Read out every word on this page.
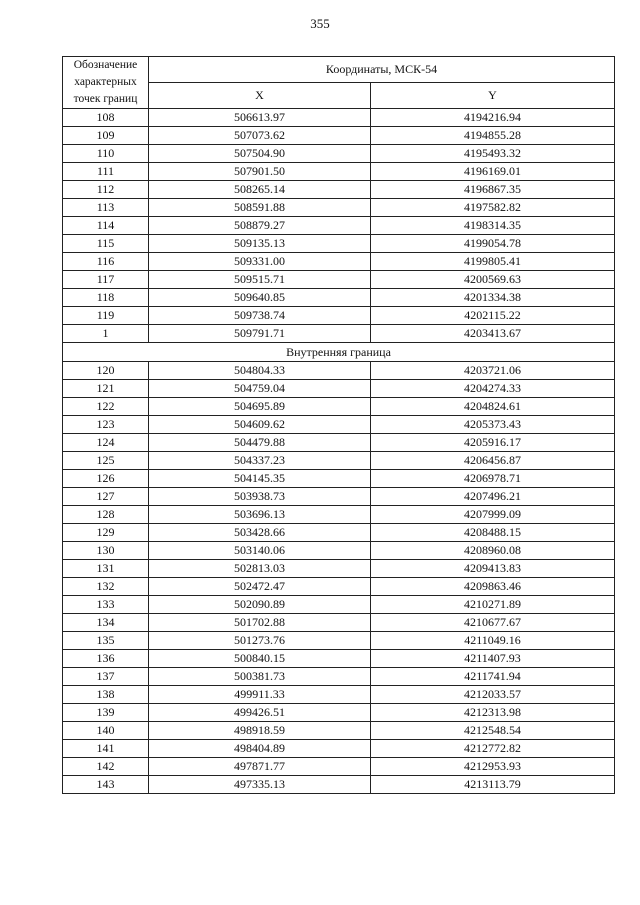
355
Обозначение
характерных
точек границ	Координаты, МСК-54	
	X	Y
108	506613.97	4194216.94
109	507073.62	4194855.28
110	507504.90	4195493.32
111	507901.50	4196169.01
112	508265.14	4196867.35
113	508591.88	4197582.82
114	508879.27	4198314.35
115	509135.13	4199054.78
116	509331.00	4199805.41
117	509515.71	4200569.63
118	509640.85	4201334.38
119	509738.74	4202115.22
1	509791.71	4203413.67
Внутренняя граница		
120	504804.33	4203721.06
121	504759.04	4204274.33
122	504695.89	4204824.61
123	504609.62	4205373.43
124	504479.88	4205916.17
125	504337.23	4206456.87
126	504145.35	4206978.71
127	503938.73	4207496.21
128	503696.13	4207999.09
129	503428.66	4208488.15
130	503140.06	4208960.08
131	502813.03	4209413.83
132	502472.47	4209863.46
133	502090.89	4210271.89
134	501702.88	4210677.67
135	501273.76	4211049.16
136	500840.15	4211407.93
137	500381.73	4211741.94
138	499911.33	4212033.57
139	499426.51	4212313.98
140	498918.59	4212548.54
141	498404.89	4212772.82
142	497871.77	4212953.93
143	497335.13	4213113.79
